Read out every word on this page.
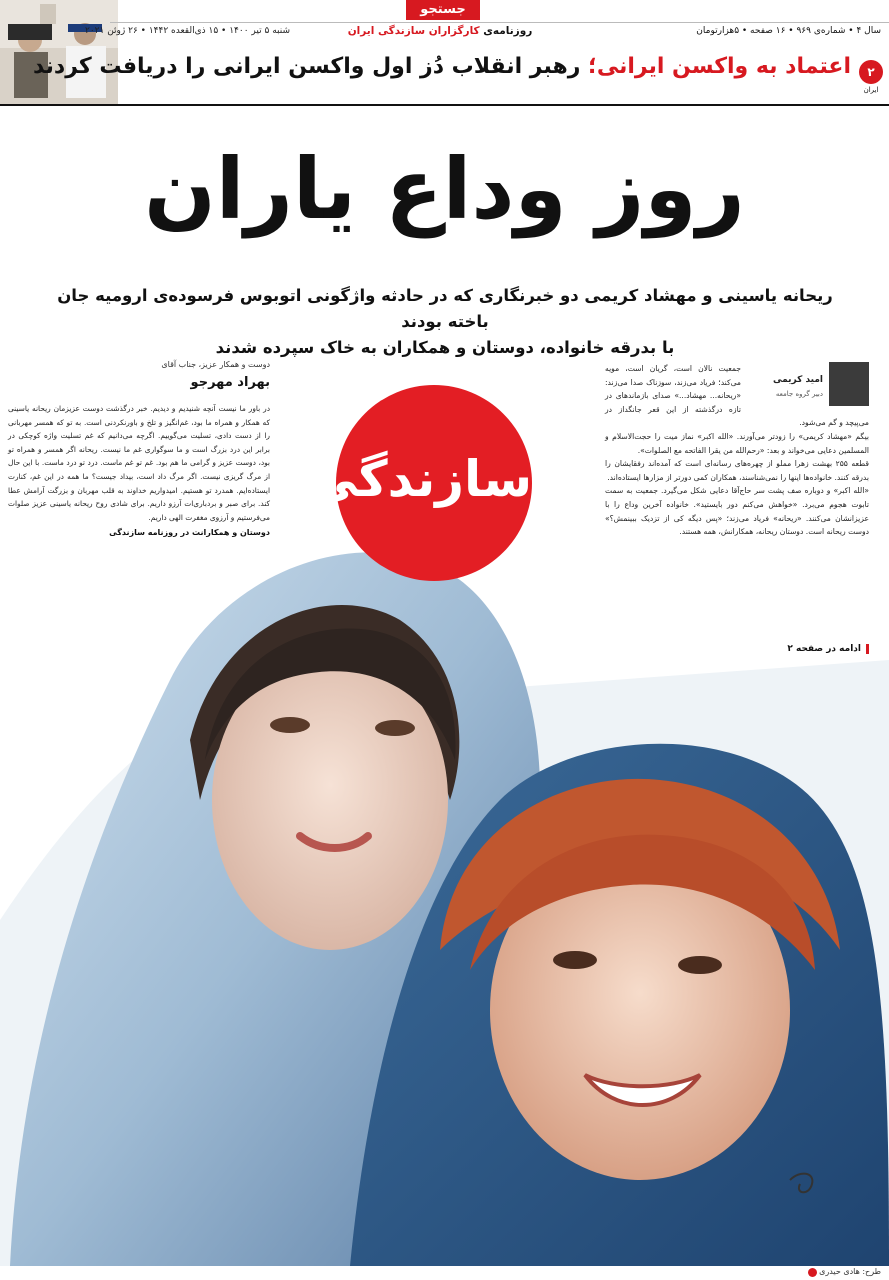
جستجو
سال ۴ • شماره‌ی ۹۶۹ • ۱۶ صفحه • ۵هزارتومان
روزنامه‌ی کارگزاران سازندگی ایران
شنبه ۵ تیر ۱۴۰۰ • ۱۵ ذی‌القعده ۱۴۴۲ • ۲۶ ژوئن ۲۰۲۱
۲
ایران
اعتماد به واکسن ایرانی؛ رهبر انقلاب دُز اول واکسن ایرانی را دریافت کردند
روز وداع یاران
ریحانه یاسینی و مهشاد کریمی دو خبرنگاری که در حادثه واژگونی اتوبوس فرسوده‌ی ارومیه جان باخته بودند
با بدرقه خانواده، دوستان و همکاران به خاک سپرده شدند
سازندگی
امید کریمی
دبیر گروه جامعه

جمعیت نالان است، گریان است، مویه می‌کند؛ فریاد می‌زند، سوزناک صدا می‌زند: «ریحانه... مهشاد...» صدای بازماندهای در تازه درگذشته از این قعر جانگداز در می‌پیچد و گم می‌شود.

بیگم «مهشاد کریمی» را زودتر می‌آورند. «الله اکبر» نماز میت را حجت‌الاسلام و المسلمین دعایی می‌خواند و بعد: «رحم‌الله من یقرا الفاتحه مع الصلوات».

قطعه ۲۵۵ بهشت زهرا مملو از چهره‌های رسانه‌ای است که آمده‌اند رفقایشان را بدرقه کنند. خانواده‌ها اینها را نمی‌شناسند، همکاران کمی دورتر از مزارها ایستاده‌اند.

«الله اکبر» و دوباره صف پشت سر حاج‌آقا دعایی شکل می‌گیرد. جمعیت به سمت تابوت هجوم می‌برد. «خواهش می‌کنم دور بایستید». خانواده آخرین وداع را با عزیزانشان می‌کنند. «ریحانه» فریاد می‌زند؛ «پس دیگه کی از تزدیک ببینمش؟» دوست ریحانه است. دوستان ریحانه، همکارانش، همه هستند.

ادامه در صفحه ۲
دوست و همکار عزیز، جناب آقای
بهراد مهرجو
در باور ما نیست آنچه شنیدیم و دیدیم. خبر درگذشت دوست عزیزمان ریحانه یاسینی که همکار و همراه ما بود، غم‌انگیز و تلخ و باورنکردنی است. به تو که همسر مهربانی را از دست دادی، تسلیت می‌گوییم. اگرچه می‌دانیم که غم تسلیت واژه کوچکی در برابر این درد بزرگ است و ما سوگواری غم ما نیست. ریحانه اگر همسر و همراه تو بود، دوست عزیز و گرامی ما هم بود. غم تو غم ماست. درد تو درد ماست. با این حال از مرگ گریزی نیست. اگر مرگ داد است، بیداد جیست؟ ما همه در این غم، کنارت ایستاده‌ایم. همدرد تو هستیم. امیدواریم خداوند به قلب مهربان و بزرگت آرامش عطا کند. برای صبر و بردباری‌ات آرزو داریم. برای شادی روح ریحانه یاسینی عزیز صلوات می‌فرستیم و آرزوی مغفرت الهی داریم.
دوستان و همکارانت در روزنامه سازندگی
طرح: هادی حیدری
